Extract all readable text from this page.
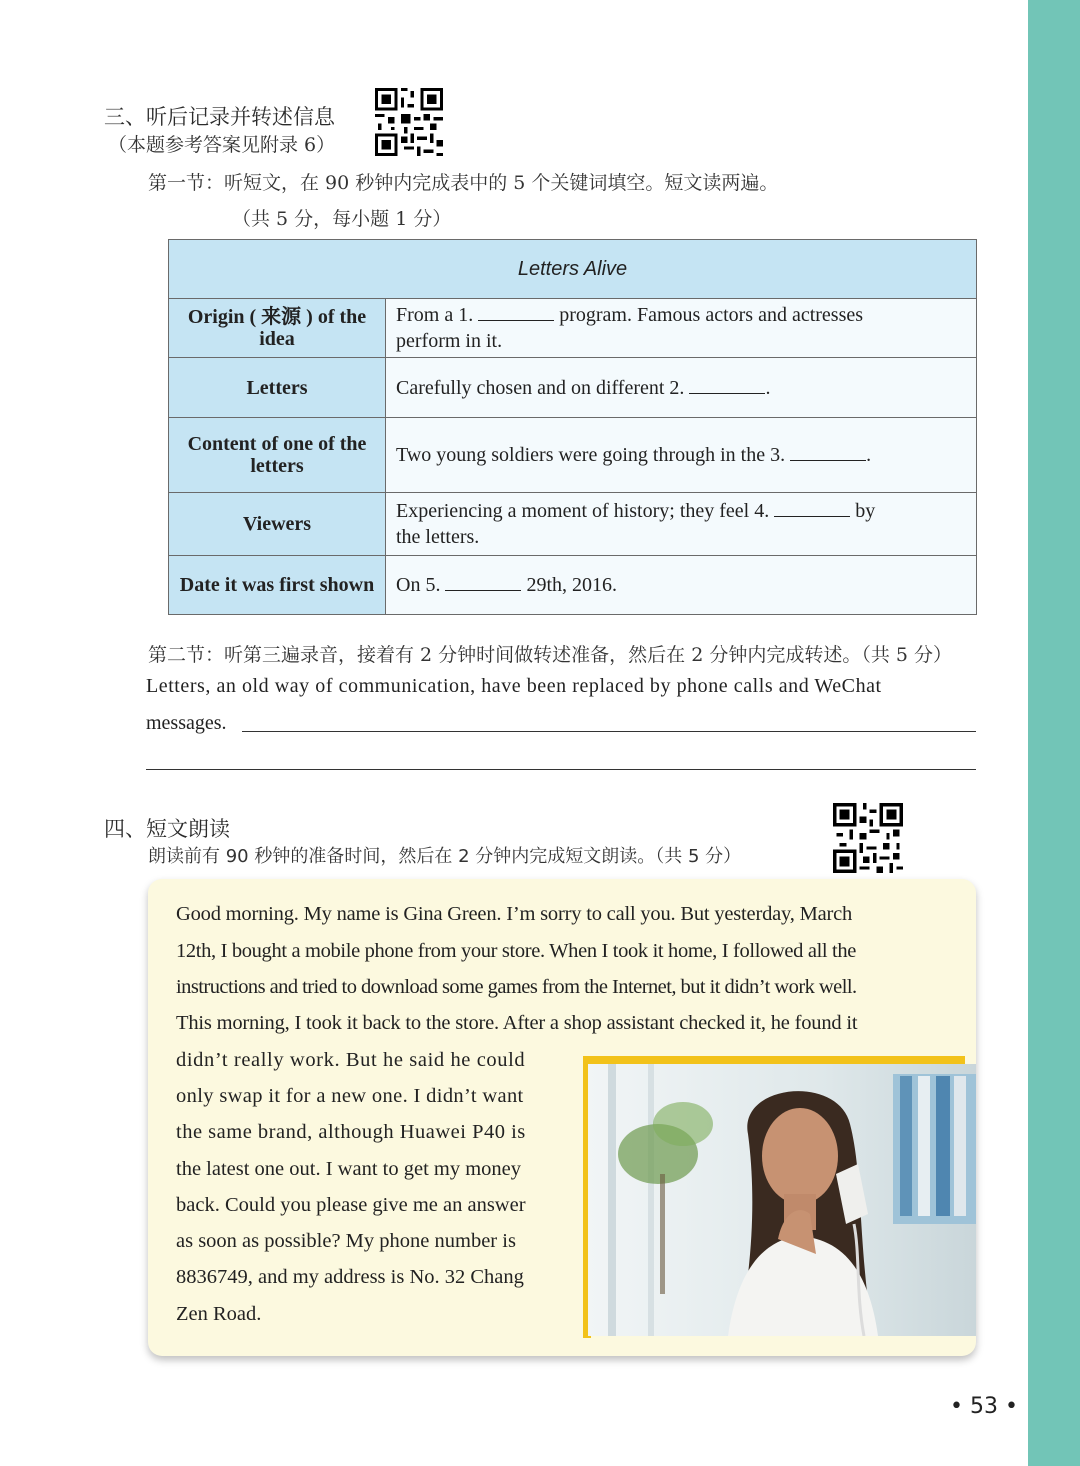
三、听后记录并转述信息
（本题参考答案见附录 6）
第一节：听短文，在 90 秒钟内完成表中的 5 个关键词填空。短文读两遍。
（共 5 分，每小题 1 分）
Letters Alive	
Origin ( 来源 ) of the idea	From a 1. program. Famous actors and actresses
perform in it.
Letters	Carefully chosen and on different 2. .
Content of one of the letters	Two young soldiers were going through in the 3. .
Viewers	Experiencing a moment of history; they feel 4. by
the letters.
Date it was first shown	On 5. 29th, 2016.
第二节：听第三遍录音，接着有 2 分钟时间做转述准备，然后在 2 分钟内完成转述。（共 5 分）
Letters, an old way of communication, have been replaced by phone calls and WeChat
messages.
四、短文朗读
朗读前有 90 秒钟的准备时间，然后在 2 分钟内完成短文朗读。（共 5 分）
Good morning. My name is Gina Green. I’m sorry to call you. But yesterday, March
12th, I bought a mobile phone from your store. When I took it home, I followed all the
instructions and tried to download some games from the Internet, but it didn’t work well.
This morning, I took it back to the store. After a shop assistant checked it, he found it
didn’t really work. But he said he could
only swap it for a new one. I didn’t want
the same brand, although Huawei P40 is
the latest one out. I want to get my money
back. Could you please give me an answer
as soon as possible? My phone number is
8836749, and my address is No. 32 Chang
Zen Road.
• 53 •
